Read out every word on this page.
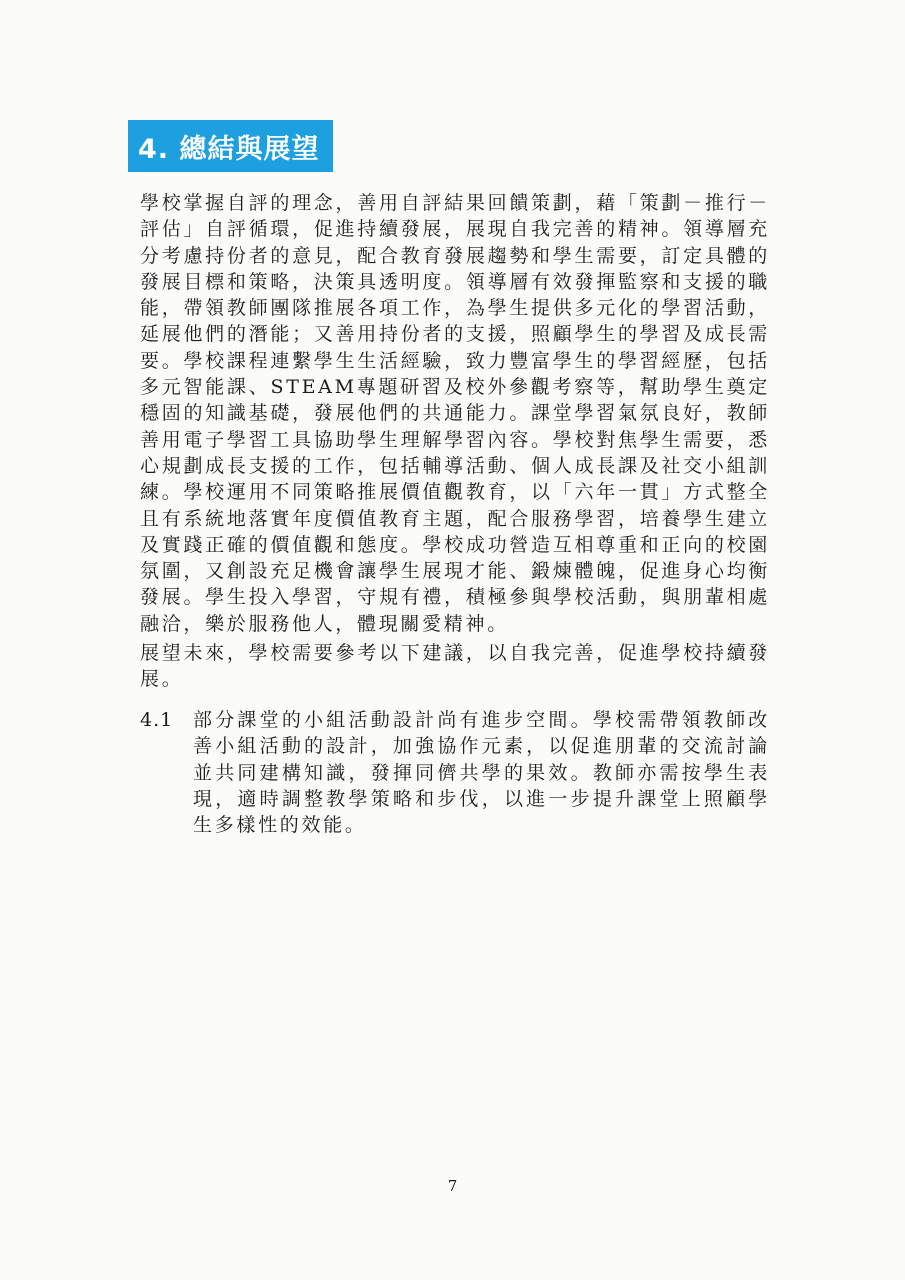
4. 總結與展望

學校掌握自評的理念，善用自評結果回饋策劃，藉「策劃－推行－評估」自評循環，促進持續發展，展現自我完善的精神。領導層充分考慮持份者的意見，配合教育發展趨勢和學生需要，訂定具體的發展目標和策略，決策具透明度。領導層有效發揮監察和支援的職能，帶領教師團隊推展各項工作，為學生提供多元化的學習活動，延展他們的潛能；又善用持份者的支援，照顧學生的學習及成長需要。學校課程連繫學生生活經驗，致力豐富學生的學習經歷，包括多元智能課、STEAM專題研習及校外參觀考察等，幫助學生奠定穩固的知識基礎，發展他們的共通能力。課堂學習氣氛良好，教師善用電子學習工具協助學生理解學習內容。學校對焦學生需要，悉心規劃成長支援的工作，包括輔導活動、個人成長課及社交小組訓練。學校運用不同策略推展價值觀教育，以「六年一貫」方式整全且有系統地落實年度價值教育主題，配合服務學習，培養學生建立及實踐正確的價值觀和態度。學校成功營造互相尊重和正向的校園氛圍，又創設充足機會讓學生展現才能、鍛煉體魄，促進身心均衡發展。學生投入學習，守規有禮，積極參與學校活動，與朋輩相處融洽，樂於服務他人，體現關愛精神。

展望未來，學校需要參考以下建議，以自我完善，促進學校持續發展。

4.1 部分課堂的小組活動設計尚有進步空間。學校需帶領教師改善小組活動的設計，加強協作元素，以促進朋輩的交流討論並共同建構知識，發揮同儕共學的果效。教師亦需按學生表現，適時調整教學策略和步伐，以進一步提升課堂上照顧學生多樣性的效能。

7
